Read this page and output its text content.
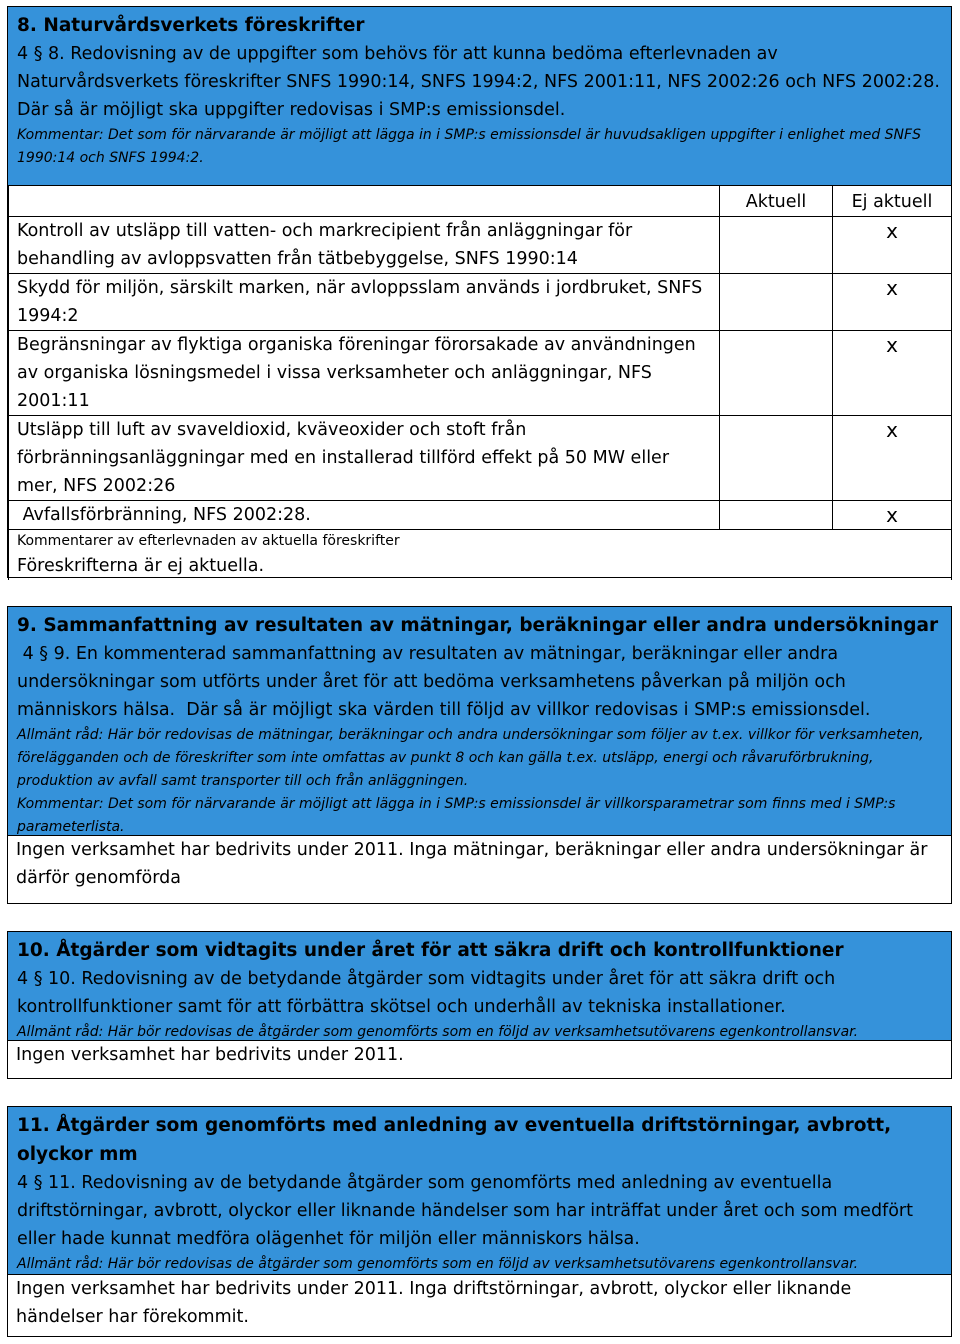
8. Naturvårdsverkets föreskrifter
4 § 8. Redovisning av de uppgifter som behövs för att kunna bedöma efterlevnaden av Naturvårdsverkets föreskrifter SNFS 1990:14, SNFS 1994:2, NFS 2001:11, NFS 2002:26 och NFS 2002:28. Där så är möjligt ska uppgifter redovisas i SMP:s emissionsdel.
Kommentar: Det som för närvarande är möjligt att lägga in i SMP:s emissionsdel är huvudsakligen uppgifter i enlighet med SNFS 1990:14 och SNFS 1994:2.
	Aktuell	Ej aktuell
Kontroll av utsläpp till vatten- och markrecipient från anläggningar för behandling av avloppsvatten från tätbebyggelse, SNFS 1990:14		x
Skydd för miljön, särskilt marken, när avloppsslam används i jordbruket, SNFS 1994:2		x
Begränsningar av flyktiga organiska föreningar förorsakade av användningen av organiska lösningsmedel i vissa verksamheter och anläggningar, NFS 2001:11		x
Utsläpp till luft av svaveldioxid, kväveoxider och stoft från förbränningsanläggningar med en installerad tillförd effekt på 50 MW eller mer, NFS 2002:26		x
Avfallsförbränning, NFS 2002:28.		x

Kommentarer av efterlevnaden av aktuella föreskrifter
Föreskrifterna är ej aktuella.		
9. Sammanfattning av resultaten av mätningar, beräkningar eller andra undersökningar
4 § 9. En kommenterad sammanfattning av resultaten av mätningar, beräkningar eller andra undersökningar som utförts under året för att bedöma verksamhetens påverkan på miljön och människors hälsa.  Där så är möjligt ska värden till följd av villkor redovisas i SMP:s emissionsdel.
Allmänt råd: Här bör redovisas de mätningar, beräkningar och andra undersökningar som följer av t.ex. villkor för verksamheten, förelägganden och de föreskrifter som inte omfattas av punkt 8 och kan gälla t.ex. utsläpp, energi och råvaruförbrukning, produktion av avfall samt transporter till och från anläggningen.
Kommentar: Det som för närvarande är möjligt att lägga in i SMP:s emissionsdel är villkorsparametrar som finns med i SMP:s parameterlista.
Ingen verksamhet har bedrivits under 2011. Inga mätningar, beräkningar eller andra undersökningar är därför genomförda
10. Åtgärder som vidtagits under året för att säkra drift och kontrollfunktioner
4 § 10. Redovisning av de betydande åtgärder som vidtagits under året för att säkra drift och kontrollfunktioner samt för att förbättra skötsel och underhåll av tekniska installationer.
Allmänt råd: Här bör redovisas de åtgärder som genomförts som en följd av verksamhetsutövarens egenkontrollansvar.
Ingen verksamhet har bedrivits under 2011.
11. Åtgärder som genomförts med anledning av eventuella driftstörningar, avbrott, olyckor mm
4 § 11. Redovisning av de betydande åtgärder som genomförts med anledning av eventuella driftstörningar, avbrott, olyckor eller liknande händelser som har inträffat under året och som medfört eller hade kunnat medföra olägenhet för miljön eller människors hälsa.
Allmänt råd: Här bör redovisas de åtgärder som genomförts som en följd av verksamhetsutövarens egenkontrollansvar.
Ingen verksamhet har bedrivits under 2011. Inga driftstörningar, avbrott, olyckor eller liknande händelser har förekommit.
